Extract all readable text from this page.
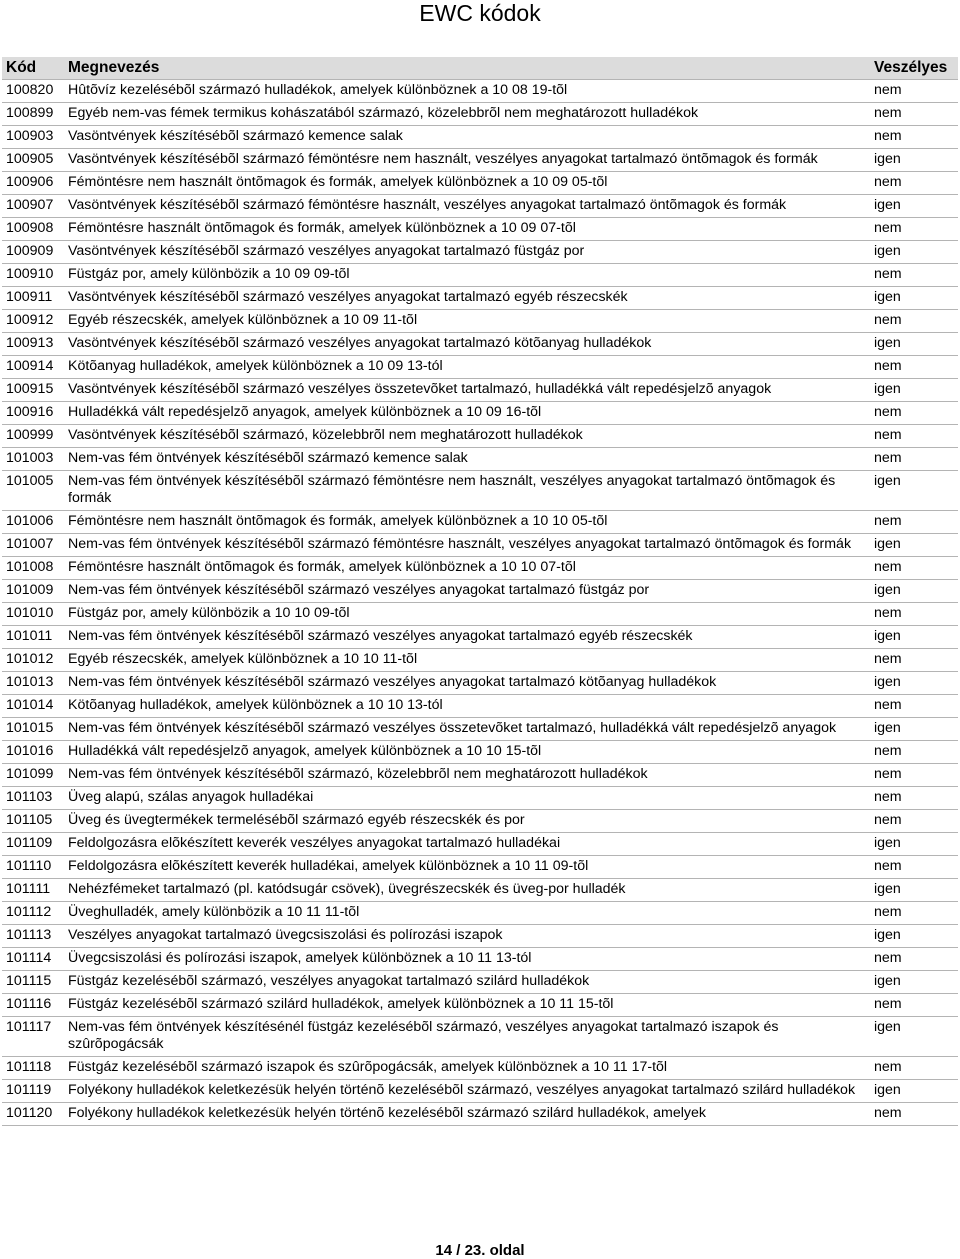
EWC kódok
Kód	Megnevezés	Veszélyes
100820	Hûtõvíz kezelésébõl származó hulladékok, amelyek különböznek a 10 08 19-tõl	nem
100899	Egyéb nem-vas fémek termikus kohászatából származó, közelebbrõl nem meghatározott hulladékok	nem
100903	Vasöntvények készítésébõl származó kemence salak	nem
100905	Vasöntvények készítésébõl származó fémöntésre nem használt, veszélyes anyagokat tartalmazó öntõmagok és formák	igen
100906	Fémöntésre nem használt öntõmagok és formák, amelyek különböznek a 10 09 05-tõl	nem
100907	Vasöntvények készítésébõl származó fémöntésre használt, veszélyes anyagokat tartalmazó öntõmagok és formák	igen
100908	Fémöntésre használt öntõmagok és formák, amelyek különböznek a 10 09 07-tõl	nem
100909	Vasöntvények készítésébõl származó veszélyes anyagokat tartalmazó füstgáz por	igen
100910	Füstgáz por, amely különbözik a 10 09 09-tõl	nem
100911	Vasöntvények készítésébõl származó veszélyes anyagokat tartalmazó egyéb részecskék	igen
100912	Egyéb részecskék, amelyek különböznek a 10 09 11-tõl	nem
100913	Vasöntvények készítésébõl származó veszélyes anyagokat tartalmazó kötõanyag hulladékok	igen
100914	Kötõanyag hulladékok, amelyek különböznek a 10 09 13-tól	nem
100915	Vasöntvények készítésébõl származó veszélyes összetevõket tartalmazó, hulladékká vált repedésjelzõ anyagok	igen
100916	Hulladékká vált repedésjelzõ anyagok, amelyek különböznek a 10 09 16-tõl	nem
100999	Vasöntvények készítésébõl származó, közelebbrõl nem meghatározott hulladékok	nem
101003	Nem-vas fém öntvények készítésébõl származó kemence salak	nem
101005	Nem-vas fém öntvények készítésébõl származó fémöntésre nem használt, veszélyes anyagokat tartalmazó öntõmagok és formák	igen
101006	Fémöntésre nem használt öntõmagok és formák, amelyek különböznek a 10 10 05-tõl	nem
101007	Nem-vas fém öntvények készítésébõl származó fémöntésre használt, veszélyes anyagokat tartalmazó öntõmagok és formák	igen
101008	Fémöntésre használt öntõmagok és formák, amelyek különböznek a 10 10 07-tõl	nem
101009	Nem-vas fém öntvények készítésébõl származó veszélyes anyagokat tartalmazó füstgáz por	igen
101010	Füstgáz por, amely különbözik a 10 10 09-tõl	nem
101011	Nem-vas fém öntvények készítésébõl származó veszélyes anyagokat tartalmazó egyéb részecskék	igen
101012	Egyéb részecskék, amelyek különböznek a 10 10 11-tõl	nem
101013	Nem-vas fém öntvények készítésébõl származó veszélyes anyagokat tartalmazó kötõanyag hulladékok	igen
101014	Kötõanyag hulladékok, amelyek különböznek a 10 10 13-tól	nem
101015	Nem-vas fém öntvények készítésébõl származó veszélyes összetevõket tartalmazó, hulladékká vált repedésjelzõ anyagok	igen
101016	Hulladékká vált repedésjelzõ anyagok, amelyek különböznek a 10 10 15-tõl	nem
101099	Nem-vas fém öntvények készítésébõl származó, közelebbrõl nem meghatározott hulladékok	nem
101103	Üveg alapú, szálas anyagok hulladékai	nem
101105	Üveg és üvegtermékek termelésébõl származó egyéb részecskék és por	nem
101109	Feldolgozásra elõkészített keverék veszélyes anyagokat tartalmazó hulladékai	igen
101110	Feldolgozásra elõkészített keverék hulladékai, amelyek különböznek a 10 11 09-tõl	nem
101111	Nehézfémeket tartalmazó (pl. katódsugár csövek), üvegrészecskék és üveg-por hulladék	igen
101112	Üveghulladék, amely különbözik a 10 11 11-tõl	nem
101113	Veszélyes anyagokat tartalmazó üvegcsiszolási és polírozási iszapok	igen
101114	Üvegcsiszolási és polírozási iszapok, amelyek különböznek a 10 11 13-tól	nem
101115	Füstgáz kezelésébõl származó, veszélyes anyagokat tartalmazó szilárd hulladékok	igen
101116	Füstgáz kezelésébõl származó szilárd hulladékok, amelyek különböznek a 10 11 15-tõl	nem
101117	Nem-vas fém öntvények készítésénél füstgáz kezelésébõl származó, veszélyes anyagokat tartalmazó iszapok és szûrõpogácsák	igen
101118	Füstgáz kezelésébõl származó iszapok és szûrõpogácsák, amelyek különböznek a 10 11 17-tõl	nem
101119	Folyékony hulladékok keletkezésük helyén történõ kezelésébõl származó, veszélyes anyagokat tartalmazó szilárd hulladékok	igen
101120	Folyékony hulladékok keletkezésük helyén történõ kezelésébõl származó szilárd hulladékok, amelyek	nem
14 / 23. oldal
